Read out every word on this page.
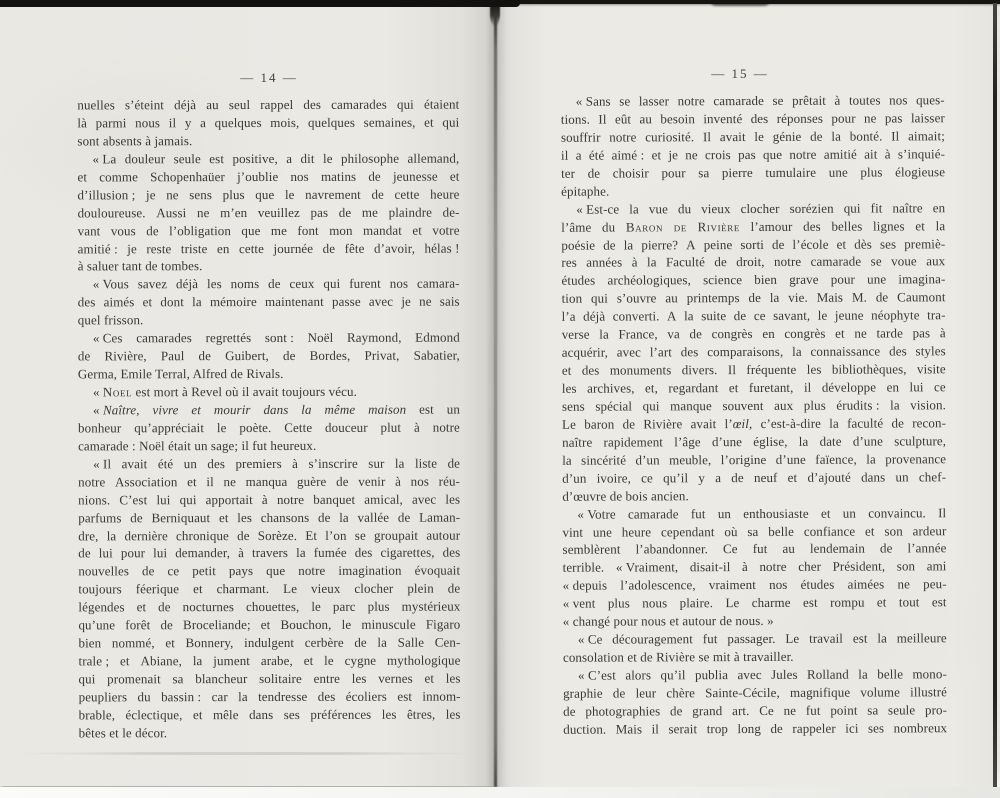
— 14 —
nuelles s’éteint déjà au seul rappel des camarades qui étaient
là parmi nous il y a quelques mois, quelques semaines, et qui
sont absents à jamais.
« La douleur seule est positive, a dit le philosophe allemand,
et comme Schopenhaüer j’oublie nos matins de jeunesse et
d’illusion ; je ne sens plus que le navrement de cette heure
douloureuse. Aussi ne m’en veuillez pas de me plaindre de-
vant vous de l’obligation que me font mon mandat et votre
amitié : je reste triste en cette journée de fête d’avoir, hélas !
à saluer tant de tombes.
« Vous savez déjà les noms de ceux qui furent nos camara-
des aimés et dont la mémoire maintenant passe avec je ne sais
quel frisson.
« Ces camarades regrettés sont : Noël Raymond, Edmond
de Rivière, Paul de Guibert, de Bordes, Privat, Sabatier,
Germa, Emile Terral, Alfred de Rivals.
« Noel est mort à Revel où il avait toujours vécu.
« Naître, vivre et mourir dans la même maison est un
bonheur qu’appréciait le poète. Cette douceur plut à notre
camarade : Noël était un sage; il fut heureux.
« Il avait été un des premiers à s’inscrire sur la liste de
notre Association et il ne manqua guère de venir à nos réu-
nions. C’est lui qui apportait à notre banquet amical, avec les
parfums de Berniquaut et les chansons de la vallée de Laman-
dre, la dernière chronique de Sorèze. Et l’on se groupait autour
de lui pour lui demander, à travers la fumée des cigarettes, des
nouvelles de ce petit pays que notre imagination évoquait
toujours féerique et charmant. Le vieux clocher plein de
légendes et de nocturnes chouettes, le parc plus mystérieux
qu’une forêt de Broceliande; et Bouchon, le minuscule Figaro
bien nommé, et Bonnery, indulgent cerbère de la Salle Cen-
trale ; et Abiane, la jument arabe, et le cygne mythologique
qui promenait sa blancheur solitaire entre les vernes et les
peupliers du bassin : car la tendresse des écoliers est innom-
brable, éclectique, et mêle dans ses préférences les êtres, les
bêtes et le décor.
— 15 —
« Sans se lasser notre camarade se prêtait à toutes nos ques-
tions. Il eût au besoin inventé des réponses pour ne pas laisser
souffrir notre curiosité. Il avait le génie de la bonté. Il aimait;
il a été aimé : et je ne crois pas que notre amitié ait à s’inquié-
ter de choisir pour sa pierre tumulaire une plus élogieuse
épitaphe.
« Est-ce la vue du vieux clocher sorézien qui fit naître en
l’âme du Baron de Rivière l’amour des belles lignes et la
poésie de la pierre? A peine sorti de l’école et dès ses premiè-
res années à la Faculté de droit, notre camarade se voue aux
études archéologiques, science bien grave pour une imagina-
tion qui s’ouvre au printemps de la vie. Mais M. de Caumont
l’a déjà converti. A la suite de ce savant, le jeune néophyte tra-
verse la France, va de congrès en congrès et ne tarde pas à
acquérir, avec l’art des comparaisons, la connaissance des styles
et des monuments divers. Il fréquente les bibliothèques, visite
les archives, et, regardant et furetant, il développe en lui ce
sens spécial qui manque souvent aux plus érudits : la vision.
Le baron de Rivière avait l’œil, c’est-à-dire la faculté de recon-
naître rapidement l’âge d’une église, la date d’une sculpture,
la sincérité d’un meuble, l’origine d’une faïence, la provenance
d’un ivoire, ce qu’il y a de neuf et d’ajouté dans un chef-
d’œuvre de bois ancien.
« Votre camarade fut un enthousiaste et un convaincu. Il
vint une heure cependant où sa belle confiance et son ardeur
semblèrent l’abandonner. Ce fut au lendemain de l’année
terrible. « Vraiment, disait-il à notre cher Président, son ami
« depuis l’adolescence, vraiment nos études aimées ne peu-
« vent plus nous plaire. Le charme est rompu et tout est
« changé pour nous et autour de nous. »
« Ce découragement fut passager. Le travail est la meilleure
consolation et de Rivière se mit à travailler.
« C’est alors qu’il publia avec Jules Rolland la belle mono-
graphie de leur chère Sainte-Cécile, magnifique volume illustré
de photographies de grand art. Ce ne fut point sa seule pro-
duction. Mais il serait trop long de rappeler ici ses nombreux
